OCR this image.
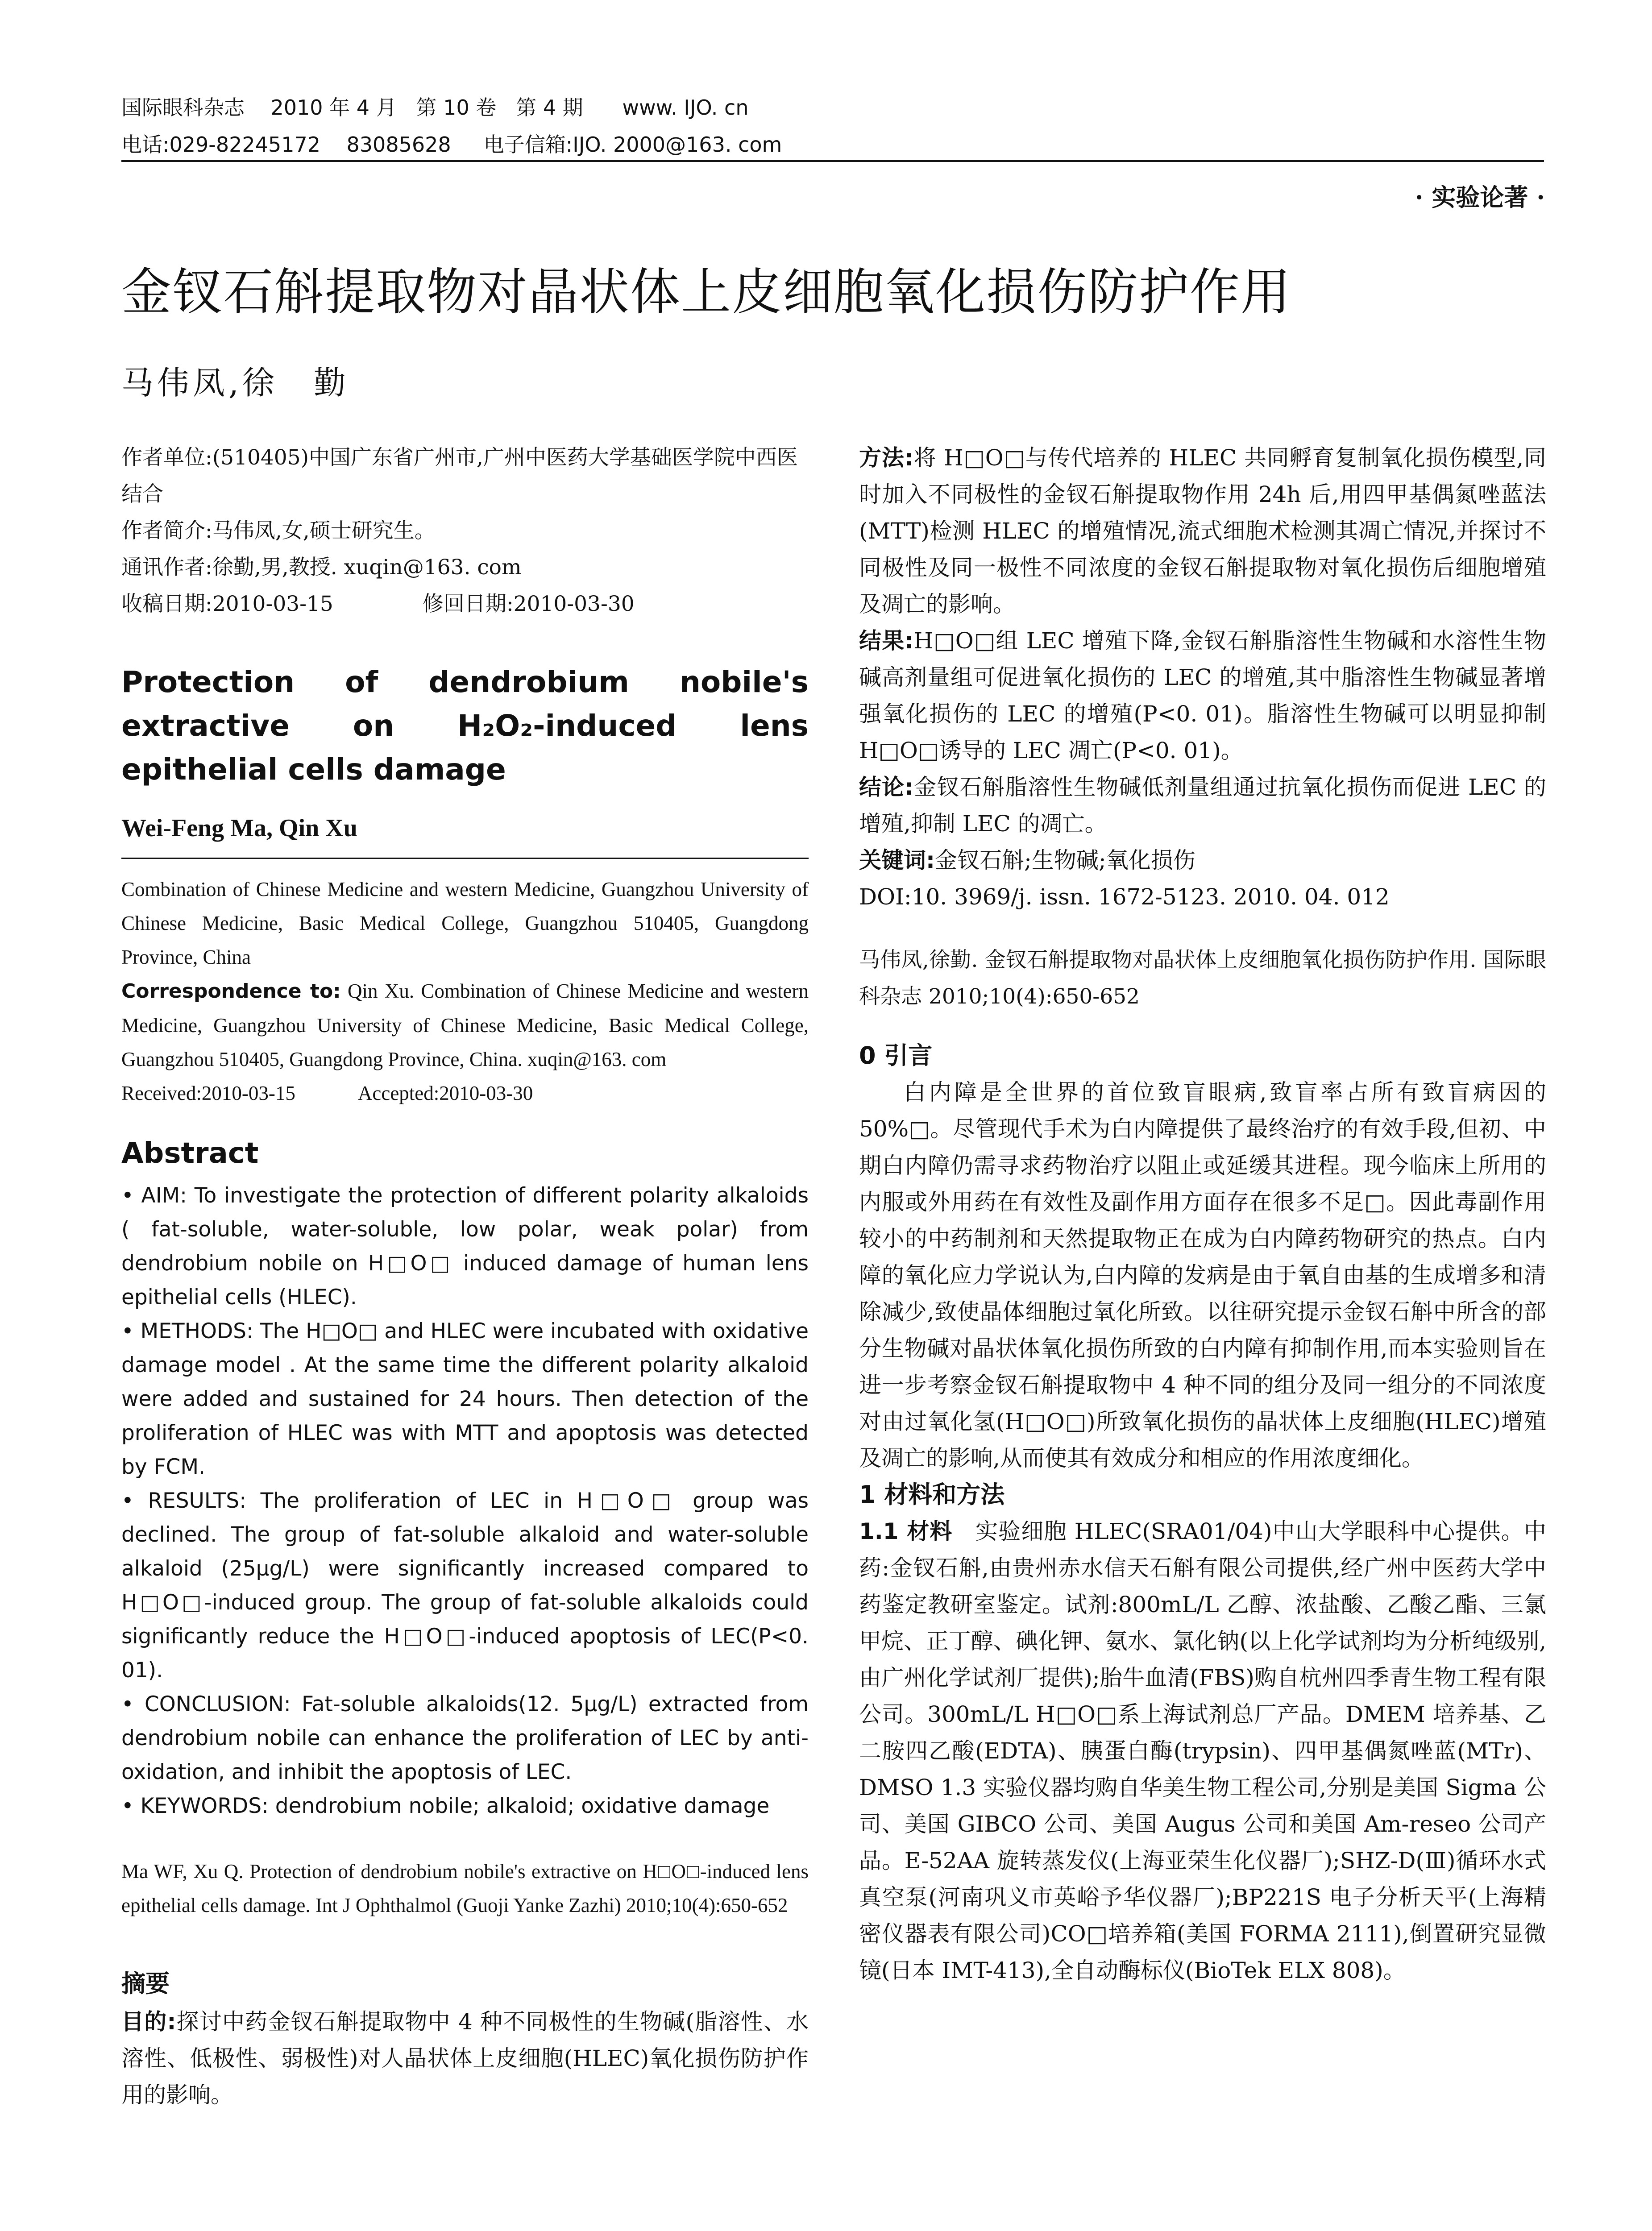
国际眼科杂志    2010 年 4 月   第 10 卷   第 4 期      www. IJO. cn
电话:029-82245172    83085628     电子信箱:IJO. 2000@163. com
· 实验论著 ·
金钗石斛提取物对晶状体上皮细胞氧化损伤防护作用
马伟凤,徐　勤

作者单位:(510405)中国广东省广州市,广州中医药大学基础医学院中西医结合

作者简介:马伟凤,女,硕士研究生。

通讯作者:徐勤,男,教授. xuqin@163. com

收稿日期:2010-03-15	修回日期:2010-03-30

Protection of dendrobium nobile's extractive on H₂O₂-induced lens epithelial cells damage
Wei-Feng Ma, Qin Xu

Combination of Chinese Medicine and western Medicine, Guangzhou University of Chinese Medicine, Basic Medical College, Guangzhou 510405, Guangdong Province, China

Correspondence to: Qin Xu. Combination of Chinese Medicine and western Medicine, Guangzhou University of Chinese Medicine, Basic Medical College, Guangzhou 510405, Guangdong Province, China. xuqin@163. com

Received:2010-03-15	Accepted:2010-03-30

Abstract

• AIM: To investigate the protection of different polarity alkaloids ( fat-soluble, water-soluble, low polar, weak polar) from dendrobium nobile on H□O□ induced damage of human lens epithelial cells (HLEC).

• METHODS: The H□O□ and HLEC were incubated with oxidative damage model . At the same time the different polarity alkaloid were added and sustained for 24 hours. Then detection of the proliferation of HLEC was with MTT and apoptosis was detected by FCM.

• RESULTS: The proliferation of LEC in H□O□ group was declined. The group of fat-soluble alkaloid and water-soluble alkaloid (25μg/L) were significantly increased compared to H□O□-induced group. The group of fat-soluble alkaloids could significantly reduce the H□O□-induced apoptosis of LEC(P<0. 01).

• CONCLUSION: Fat-soluble alkaloids(12. 5μg/L) extracted from dendrobium nobile can enhance the proliferation of LEC by anti-oxidation, and inhibit the apoptosis of LEC.

• KEYWORDS: dendrobium nobile; alkaloid; oxidative damage

Ma WF, Xu Q. Protection of dendrobium nobile's extractive on H□O□-induced lens epithelial cells damage. Int J Ophthalmol (Guoji Yanke Zazhi) 2010;10(4):650-652

摘要

目的:探讨中药金钗石斛提取物中 4 种不同极性的生物碱(脂溶性、水溶性、低极性、弱极性)对人晶状体上皮细胞(HLEC)氧化损伤防护作用的影响。

方法:将 H□O□与传代培养的 HLEC 共同孵育复制氧化损伤模型,同时加入不同极性的金钗石斛提取物作用 24h 后,用四甲基偶氮唑蓝法(MTT)检测 HLEC 的增殖情况,流式细胞术检测其凋亡情况,并探讨不同极性及同一极性不同浓度的金钗石斛提取物对氧化损伤后细胞增殖及凋亡的影响。

结果:H□O□组 LEC 增殖下降,金钗石斛脂溶性生物碱和水溶性生物碱高剂量组可促进氧化损伤的 LEC 的增殖,其中脂溶性生物碱显著增强氧化损伤的 LEC 的增殖(P<0. 01)。脂溶性生物碱可以明显抑制 H□O□诱导的 LEC 凋亡(P<0. 01)。

结论:金钗石斛脂溶性生物碱低剂量组通过抗氧化损伤而促进 LEC 的增殖,抑制 LEC 的凋亡。

关键词:金钗石斛;生物碱;氧化损伤

DOI:10. 3969/j. issn. 1672-5123. 2010. 04. 012

马伟凤,徐勤. 金钗石斛提取物对晶状体上皮细胞氧化损伤防护作用. 国际眼科杂志 2010;10(4):650-652

0 引言

白内障是全世界的首位致盲眼病,致盲率占所有致盲病因的 50%□。尽管现代手术为白内障提供了最终治疗的有效手段,但初、中期白内障仍需寻求药物治疗以阻止或延缓其进程。现今临床上所用的内服或外用药在有效性及副作用方面存在很多不足□。因此毒副作用较小的中药制剂和天然提取物正在成为白内障药物研究的热点。白内障的氧化应力学说认为,白内障的发病是由于氧自由基的生成增多和清除减少,致使晶体细胞过氧化所致。以往研究提示金钗石斛中所含的部分生物碱对晶状体氧化损伤所致的白内障有抑制作用,而本实验则旨在进一步考察金钗石斛提取物中 4 种不同的组分及同一组分的不同浓度对由过氧化氢(H□O□)所致氧化损伤的晶状体上皮细胞(HLEC)增殖及凋亡的影响,从而使其有效成分和相应的作用浓度细化。

1 材料和方法

1.1 材料　实验细胞 HLEC(SRA01/04)中山大学眼科中心提供。中药:金钗石斛,由贵州赤水信天石斛有限公司提供,经广州中医药大学中药鉴定教研室鉴定。试剂:800mL/L 乙醇、浓盐酸、乙酸乙酯、三氯甲烷、正丁醇、碘化钾、氨水、氯化钠(以上化学试剂均为分析纯级别,由广州化学试剂厂提供);胎牛血清(FBS)购自杭州四季青生物工程有限公司。300mL/L H□O□系上海试剂总厂产品。DMEM 培养基、乙二胺四乙酸(EDTA)、胰蛋白酶(trypsin)、四甲基偶氮唑蓝(MTr)、DMSO 1.3 实验仪器均购自华美生物工程公司,分别是美国 Sigma 公司、美国 GIBCO 公司、美国 Augus 公司和美国 Am-reseo 公司产品。E-52AA 旋转蒸发仪(上海亚荣生化仪器厂);SHZ-D(Ⅲ)循环水式真空泵(河南巩义市英峪予华仪器厂);BP221S 电子分析天平(上海精密仪器表有限公司)CO□培养箱(美国 FORMA 2111),倒置研究显微镜(日本 IMT-413),全自动酶标仪(BioTek ELX 808)。
